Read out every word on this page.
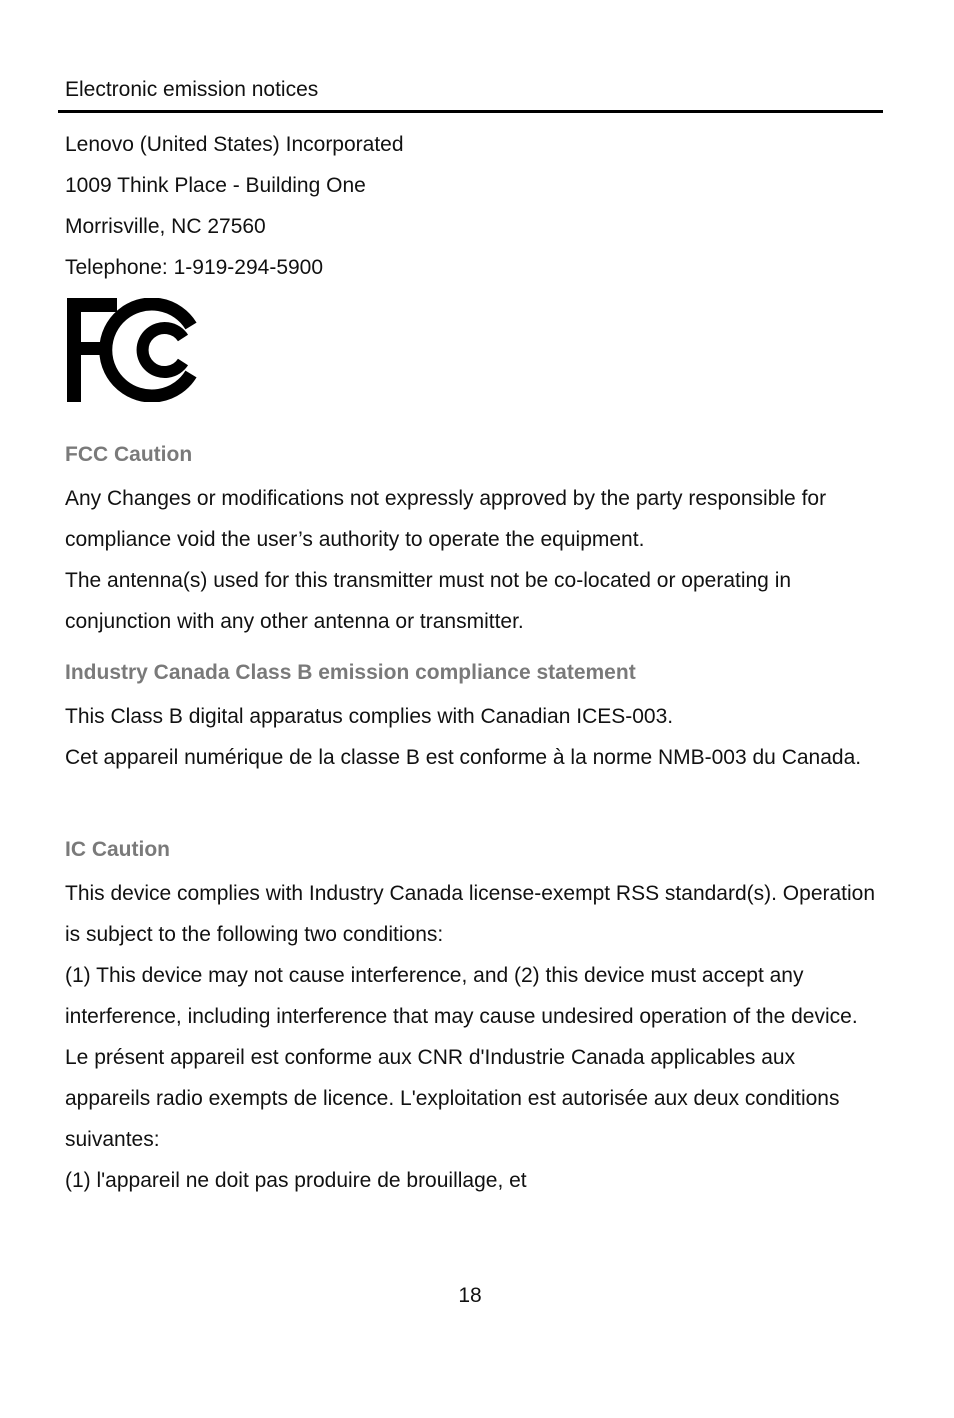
Electronic emission notices
Lenovo (United States) Incorporated
1009 Think Place - Building One
Morrisville, NC 27560
Telephone: 1-919-294-5900
FCC Caution

Any Changes or modifications not expressly approved by the party responsible for compliance void the user’s authority to operate the equipment.

The antenna(s) used for this transmitter must not be co-located or operating in conjunction with any other antenna or transmitter.

Industry Canada Class B emission compliance statement

This Class B digital apparatus complies with Canadian ICES-003.

Cet appareil numérique de la classe B est conforme à la norme NMB-003 du Canada.

IC Caution

This device complies with Industry Canada license-exempt RSS standard(s). Operation is subject to the following two conditions:

(1) This device may not cause interference, and (2) this device must accept any interference, including interference that may cause undesired operation of the device.

Le présent appareil est conforme aux CNR d'Industrie Canada applicables aux appareils radio exempts de licence. L'exploitation est autorisée aux deux conditions suivantes:

(1) l'appareil ne doit pas produire de brouillage, et

18
